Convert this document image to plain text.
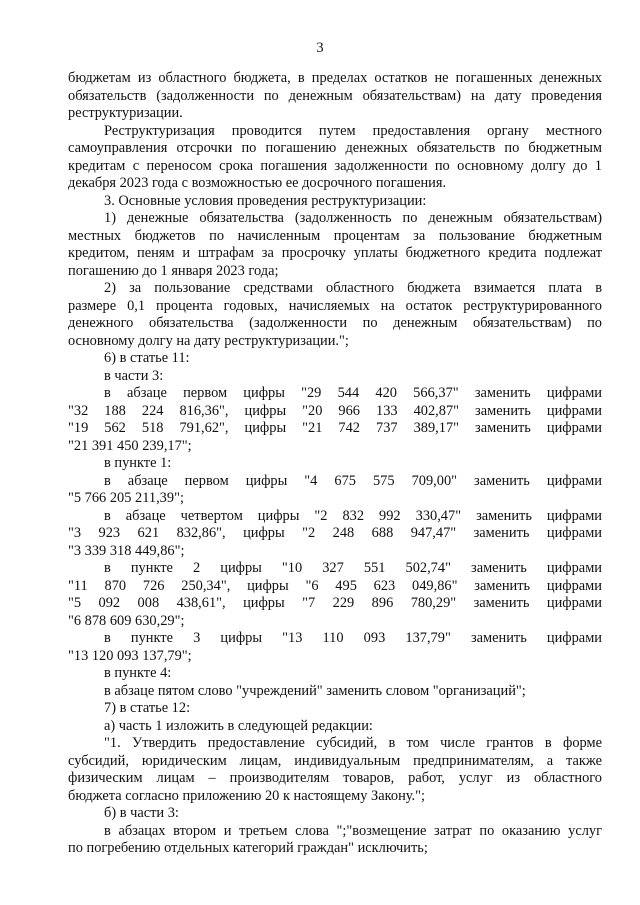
3
бюджетам из областного бюджета, в пределах остатков не погашенных денежных
обязательств (задолженности по денежным обязательствам) на дату проведения
реструктуризации.
Реструктуризация проводится путем предоставления органу местного
самоуправления отсрочки по погашению денежных обязательств по бюджетным
кредитам с переносом срока погашения задолженности по основному долгу до 1
декабря 2023 года с возможностью ее досрочного погашения.
3. Основные условия проведения реструктуризации:
1) денежные обязательства (задолженность по денежным обязательствам)
местных бюджетов по начисленным процентам за пользование бюджетным
кредитом, пеням и штрафам за просрочку уплаты бюджетного кредита подлежат
погашению до 1 января 2023 года;
2) за пользование средствами областного бюджета взимается плата в
размере 0,1 процента годовых, начисляемых на остаток реструктурированного
денежного обязательства (задолженности по денежным обязательствам) по
основному долгу на дату реструктуризации.";
6) в статье 11:
в части 3:
в абзаце первом цифры "29 544 420 566,37" заменить цифрами
"32 188 224 816,36", цифры "20 966 133 402,87" заменить цифрами
"19 562 518 791,62", цифры "21 742 737 389,17" заменить цифрами
"21 391 450 239,17";
в пункте 1:
в абзаце первом цифры "4 675 575 709,00" заменить цифрами
"5 766 205 211,39";
в абзаце четвертом цифры "2 832 992 330,47" заменить цифрами
"3 923 621 832,86", цифры "2 248 688 947,47" заменить цифрами
"3 339 318 449,86";
в пункте 2 цифры "10 327 551 502,74" заменить цифрами
"11 870 726 250,34", цифры "6 495 623 049,86" заменить цифрами
"5 092 008 438,61", цифры "7 229 896 780,29" заменить цифрами
"6 878 609 630,29";
в пункте 3 цифры "13 110 093 137,79" заменить цифрами
"13 120 093 137,79";
в пункте 4:
в абзаце пятом слово "учреждений" заменить словом "организаций";
7) в статье 12:
а) часть 1 изложить в следующей редакции:
"1. Утвердить предоставление субсидий, в том числе грантов в форме
субсидий, юридическим лицам, индивидуальным предпринимателям, а также
физическим лицам – производителям товаров, работ, услуг из областного
бюджета согласно приложению 20 к настоящему Закону.";
б) в части 3:
в абзацах втором и третьем слова ";"возмещение затрат по оказанию услуг
по погребению отдельных категорий граждан" исключить;
